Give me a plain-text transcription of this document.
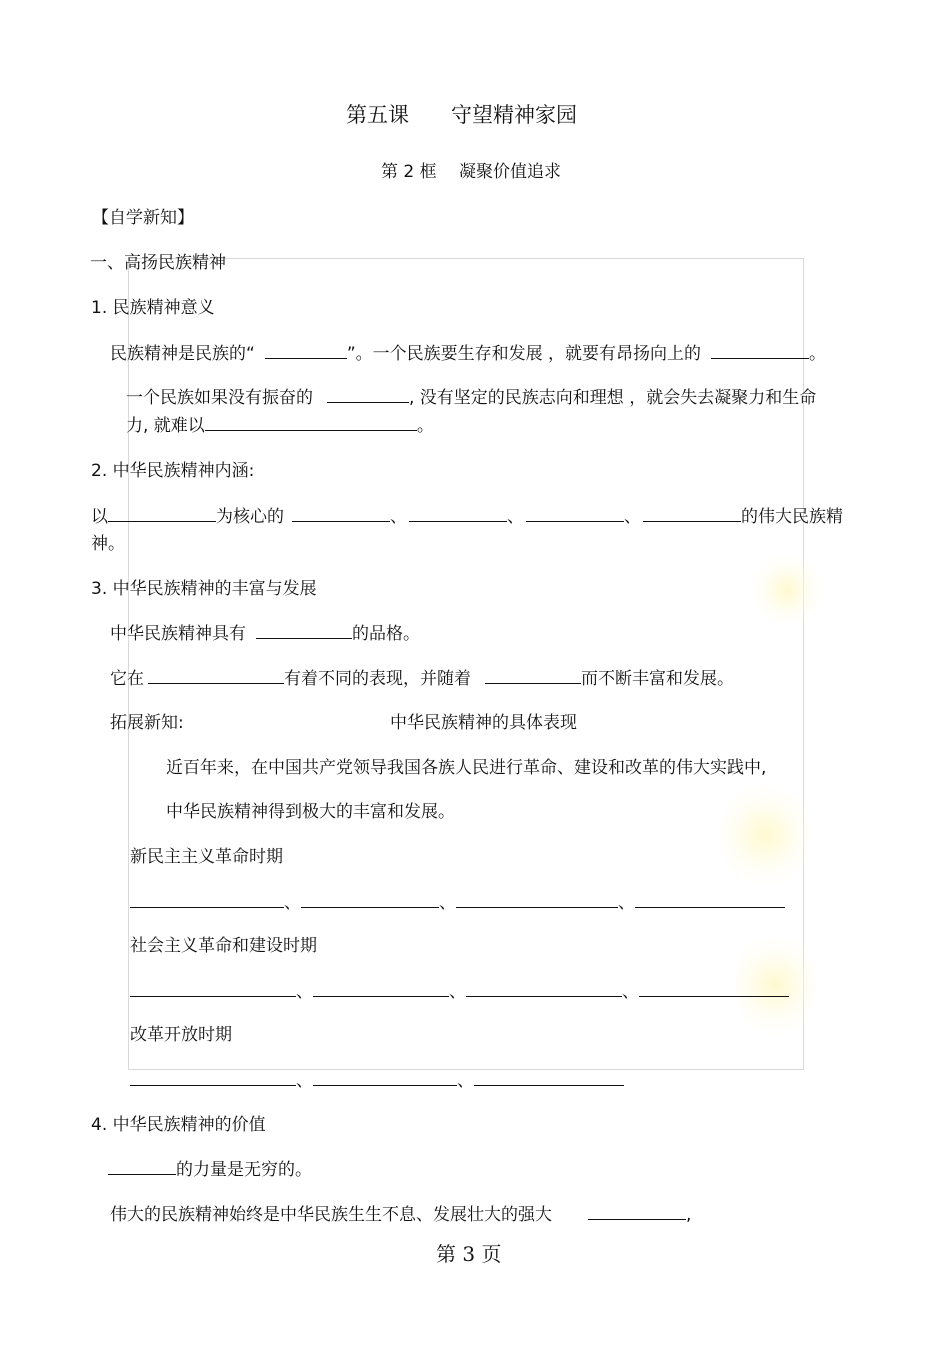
第五课　　守望精神家园
第 2 框　 凝聚价值追求
【自学新知】
一、高扬民族精神
1. 民族精神意义
民族精神是民族的“	”。一个民族要生存和发展 ，就要有昂扬向上的	。
一个民族如果没有振奋的	, 没有坚定的民族志向和理想 ，就会失去凝聚力和生命
力, 就难以	。
2. 中华民族精神内涵:
以	为核心的	、	、	、	的伟大民族精
神。
3. 中华民族精神的丰富与发展
中华民族精神具有	的品格。
它在	有着不同的表现，并随着	而不断丰富和发展。
拓展新知:	中华民族精神的具体表现
近百年来，在中国共产党领导我国各族人民进行革命、建设和改革的伟大实践中,
中华民族精神得到极大的丰富和发展。
新民主主义革命时期
、	、	、
社会主义革命和建设时期
、	、	、
改革开放时期
、	、
4. 中华民族精神的价值
的力量是无穷的。
伟大的民族精神始终是中华民族生生不息、发展壮大的强大	,
第 3 页
